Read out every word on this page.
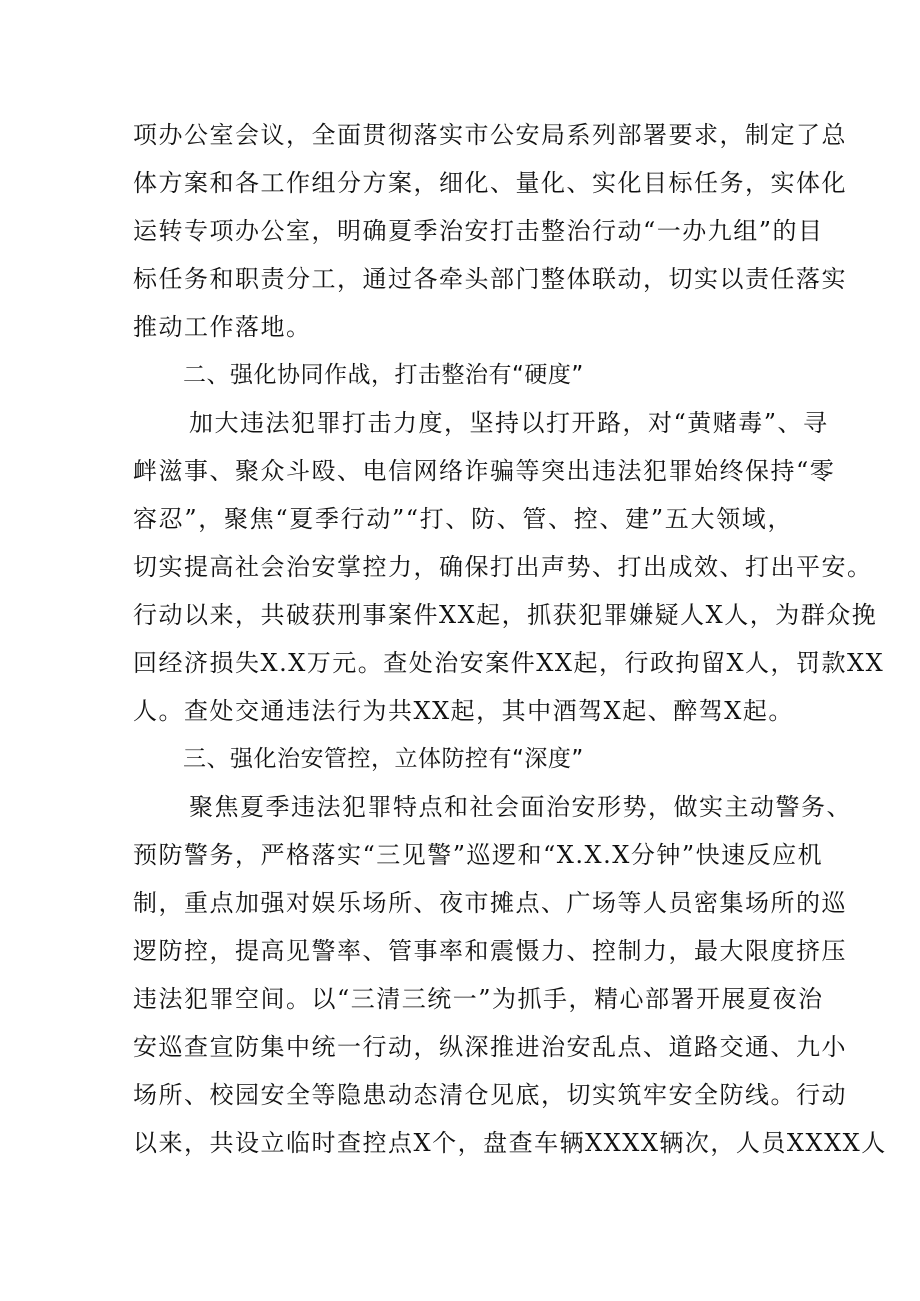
项办公室会议，全面贯彻落实市公安局系列部署要求，制定了总
体方案和各工作组分方案，细化、量化、实化目标任务，实体化
运转专项办公室，明确夏季治安打击整治行动“一办九组”的目
标任务和职责分工，通过各牵头部门整体联动，切实以责任落实
推动工作落地。
二、强化协同作战，打击整治有“硬度”
加大违法犯罪打击力度，坚持以打开路，对“黄赌毒”、寻
衅滋事、聚众斗殴、电信网络诈骗等突出违法犯罪始终保持“零
容忍”，聚焦“夏季行动”“打、防、管、控、建”五大领域，
切实提高社会治安掌控力，确保打出声势、打出成效、打出平安。
行动以来，共破获刑事案件XX起，抓获犯罪嫌疑人X人，为群众挽
回经济损失X.X万元。查处治安案件XX起，行政拘留X人，罚款XX
人。查处交通违法行为共XX起，其中酒驾X起、醉驾X起。
三、强化治安管控，立体防控有“深度”
聚焦夏季违法犯罪特点和社会面治安形势，做实主动警务、
预防警务，严格落实“三见警”巡逻和“X.X.X分钟”快速反应机
制，重点加强对娱乐场所、夜市摊点、广场等人员密集场所的巡
逻防控，提高见警率、管事率和震慑力、控制力，最大限度挤压
违法犯罪空间。以“三清三统一”为抓手，精心部署开展夏夜治
安巡查宣防集中统一行动，纵深推进治安乱点、道路交通、九小
场所、校园安全等隐患动态清仓见底，切实筑牢安全防线。行动
以来，共设立临时查控点X个，盘查车辆XXXX辆次，人员XXXX人
